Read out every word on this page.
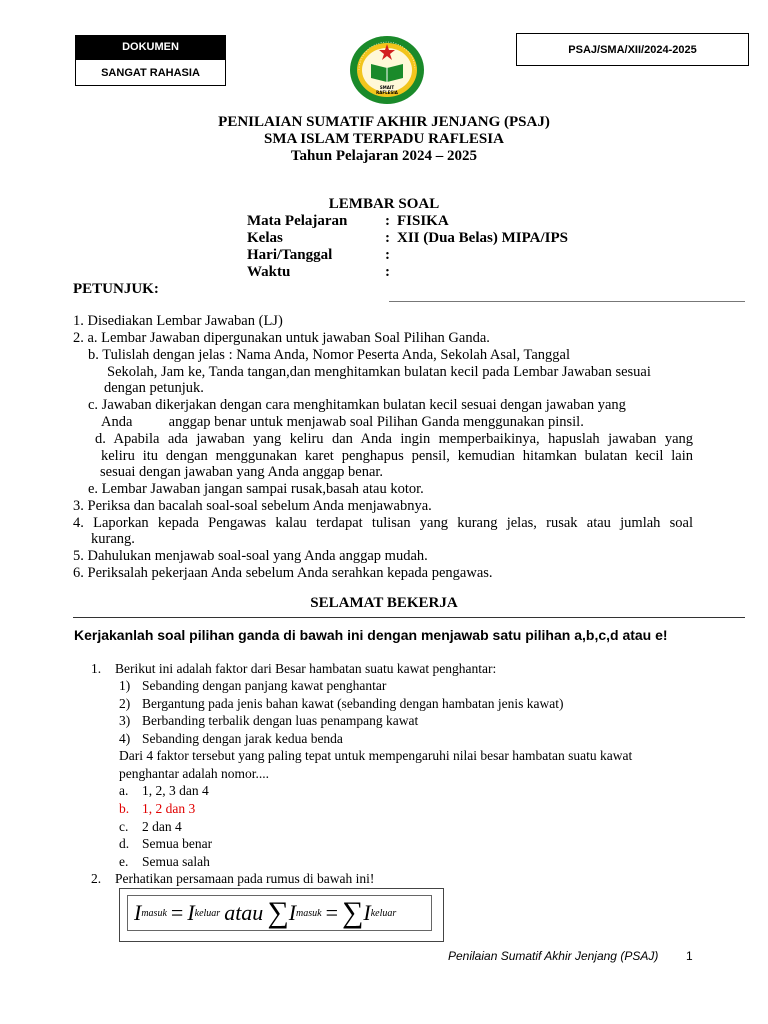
DOKUMEN
SANGAT RAHASIA
PSAJ/SMA/XII/2024-2025
SMAIT
RAFLESIA
PENILAIAN SUMATIF AKHIR JENJANG (PSAJ)
SMA ISLAM TERPADU RAFLESIA
Tahun Pelajaran 2024 – 2025
LEMBAR SOAL
Mata Pelajaran	: FISIKA
Kelas	: XII (Dua Belas) MIPA/IPS
Hari/Tanggal	:
Waktu	:
PETUNJUK:
1. Disediakan Lembar Jawaban (LJ)
2. a. Lembar Jawaban dipergunakan untuk jawaban Soal Pilihan Ganda.
b. Tulislah dengan jelas : Nama Anda, Nomor Peserta Anda, Sekolah Asal, Tanggal
Sekolah, Jam ke, Tanda tangan,dan menghitamkan bulatan kecil pada Lembar Jawaban sesuai
dengan petunjuk.
c. Jawaban dikerjakan dengan cara menghitamkan bulatan kecil sesuai dengan jawaban yang
Anda          anggap benar untuk menjawab soal Pilihan Ganda menggunakan pinsil.
d. Apabila ada jawaban yang keliru dan Anda ingin memperbaikinya, hapuslah jawaban yang
keliru itu dengan menggunakan karet penghapus pensil, kemudian hitamkan bulatan kecil lain
sesuai dengan jawaban yang Anda anggap benar.
e. Lembar Jawaban jangan sampai rusak,basah atau kotor.
3. Periksa dan bacalah soal-soal sebelum Anda menjawabnya.
4. Laporkan kepada Pengawas kalau terdapat tulisan yang kurang jelas, rusak atau jumlah soal
kurang.
5. Dahulukan menjawab soal-soal yang Anda anggap mudah.
6. Periksalah pekerjaan Anda sebelum Anda serahkan kepada pengawas.
SELAMAT BEKERJA
Kerjakanlah soal pilihan ganda di bawah ini dengan menjawab satu pilihan a,b,c,d atau e!
1. Berikut ini adalah faktor dari Besar hambatan suatu kawat penghantar:
1) Sebanding dengan panjang kawat penghantar
2) Bergantung pada jenis bahan kawat (sebanding dengan hambatan jenis kawat)
3) Berbanding terbalik dengan luas penampang kawat
4) Sebanding dengan jarak kedua benda
Dari 4 faktor tersebut yang paling tepat untuk mempengaruhi nilai besar hambatan suatu kawat
penghantar adalah nomor....
a. 1, 2, 3 dan 4
b. 1, 2 dan 3
c. 2 dan 4
d. Semua benar
e. Semua salah
2. Perhatikan persamaan pada rumus di bawah ini!
I masuk = I keluar atau ∑ I masuk = ∑ I keluar
Penilaian Sumatif Akhir Jenjang (PSAJ) 1
